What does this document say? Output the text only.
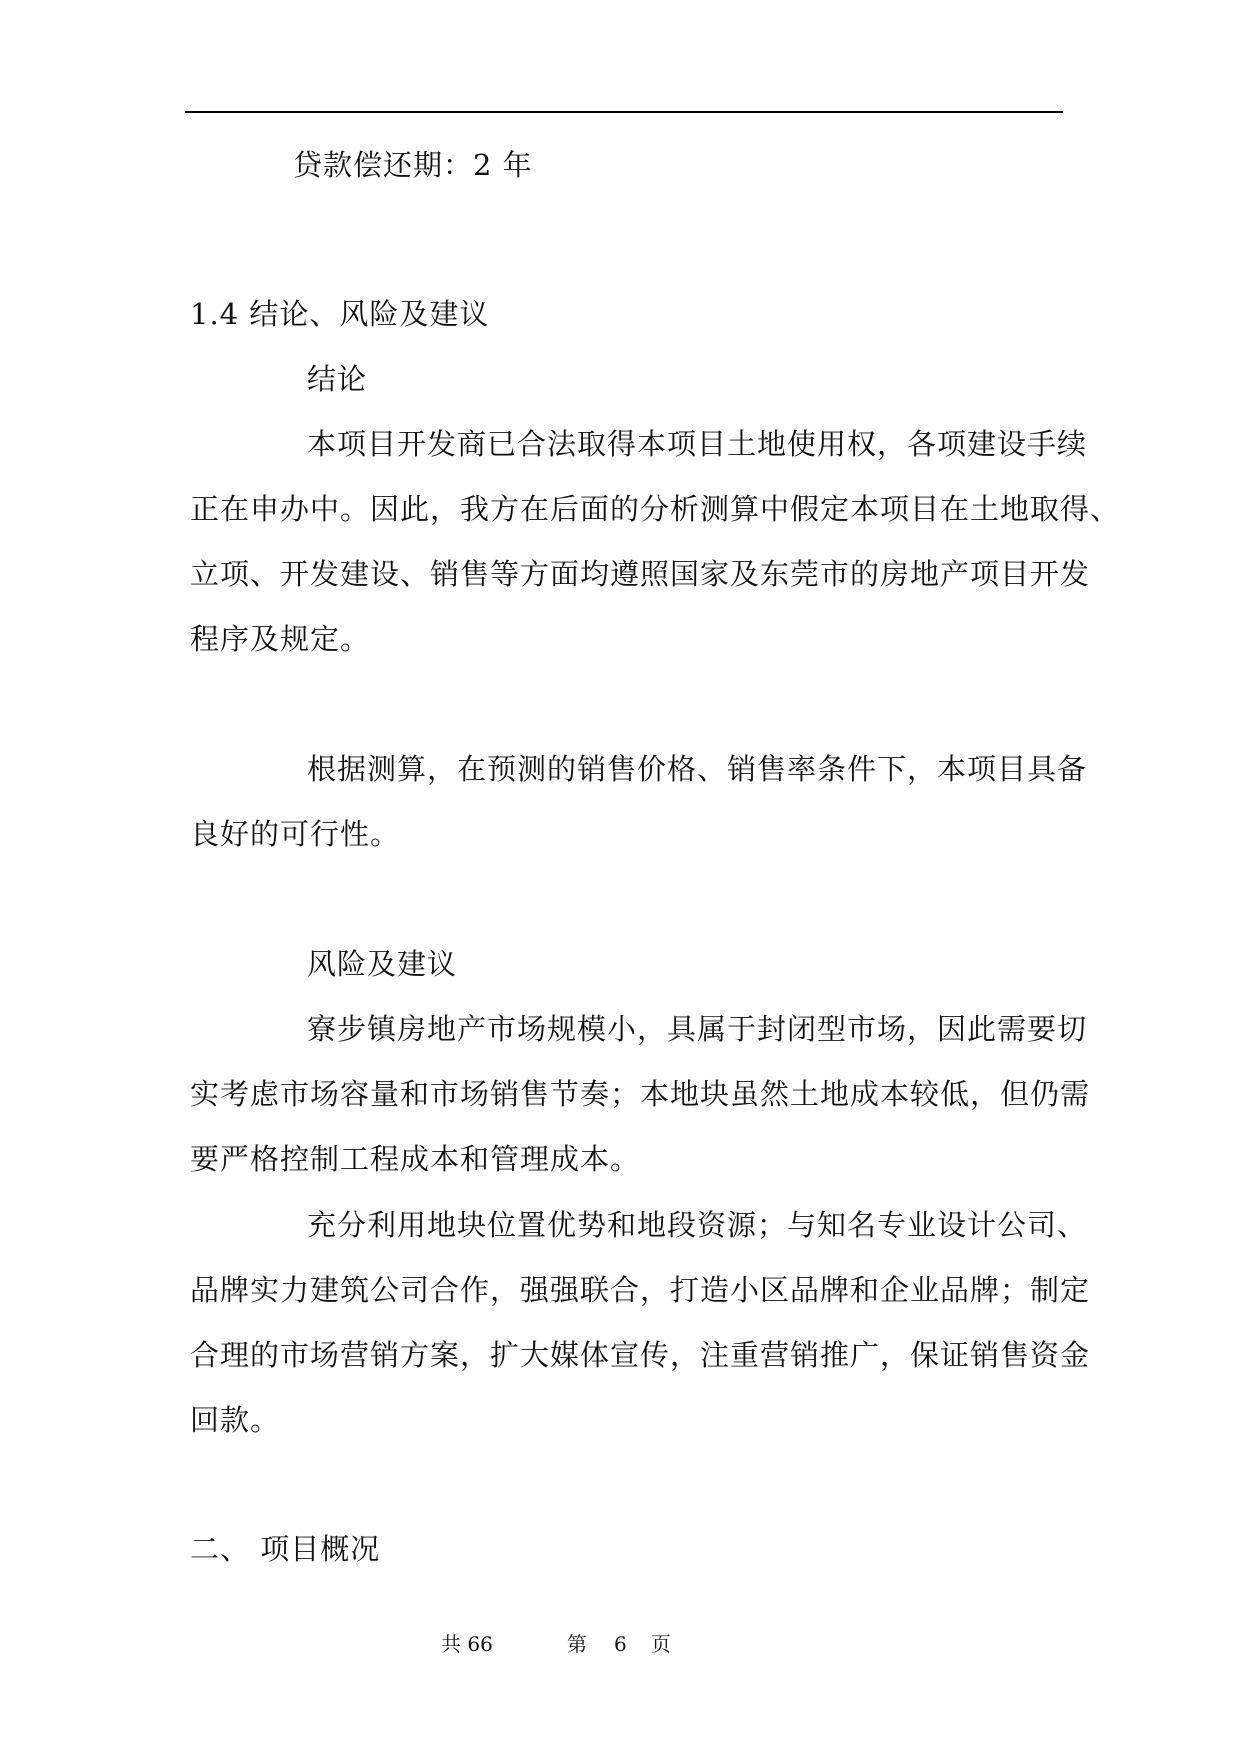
贷款偿还期：2 年
1.4 结论、风险及建议
结论
本项目开发商已合法取得本项目土地使用权，各项建设手续
正在申办中。因此，我方在后面的分析测算中假定本项目在土地取得、
立项、开发建设、销售等方面均遵照国家及东莞市的房地产项目开发
程序及规定。
根据测算，在预测的销售价格、销售率条件下，本项目具备
良好的可行性。
风险及建议
寮步镇房地产市场规模小，具属于封闭型市场，因此需要切
实考虑市场容量和市场销售节奏；本地块虽然土地成本较低，但仍需
要严格控制工程成本和管理成本。
充分利用地块位置优势和地段资源；与知名专业设计公司、
品牌实力建筑公司合作，强强联合，打造小区品牌和企业品牌；制定
合理的市场营销方案，扩大媒体宣传，注重营销推广，保证销售资金
回款。
二、 项目概况
共 66	第 6 页
